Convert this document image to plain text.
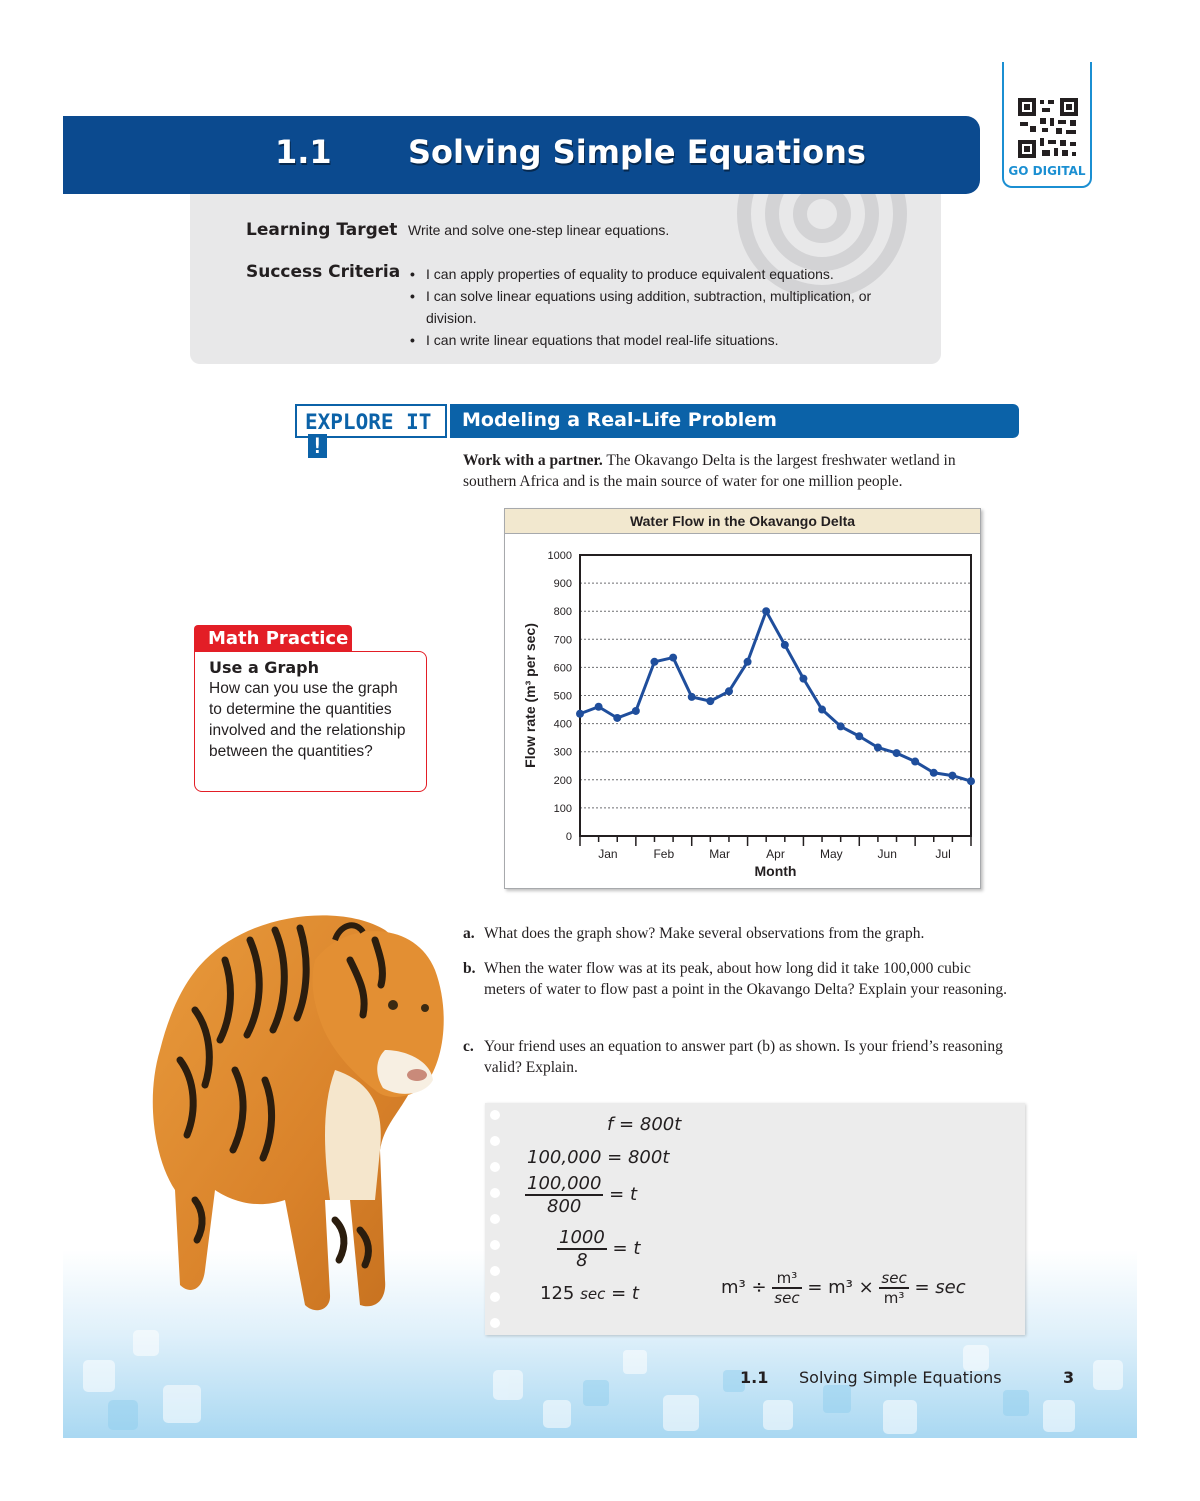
1.1 Solving Simple Equations	GO DIGITAL
Learning Target Write and solve one-step linear equations.
Success Criteria
•	I can apply properties of equality to produce equivalent equations.
• I can solve linear equations using addition, subtraction, multiplication, or division.
• I can write linear equations that model real-life situations.
EXPLORE IT!
Modeling a Real-Life Problem
Work with a partner. The Okavango Delta is the largest freshwater wetland in southern Africa and is the main source of water for one million people.
Water Flow in the Okavango Delta
0
100
200
300
400
500
600
700
800
900
1000
Jan	Feb	Mar	Apr	May	Jun	Jul
Month
Flow rate (m³ per sec)
Math Practice
Use a Graph
How can you use the graph to determine the quantities involved and the relationship between the quantities?
a. What does the graph show? Make several observations from the graph.
b. When the water flow was at its peak, about how long did it take 100,000 cubic meters of water to flow past a point in the Okavango Delta? Explain your reasoning.
c. Your friend uses an equation to answer part (b) as shown. Is your friend’s reasoning valid? Explain.
f = 800t
100,000 = 800t
$\frac{100,000}{800} = t$
$\frac{1000}{8} = t$
125 sec = t	$m^3 \div \frac{\text{m³}}{\sec} = m^3 \times \frac{\sec}{\text{m³}} = \sec$
1.1 Solving Simple Equations	3
